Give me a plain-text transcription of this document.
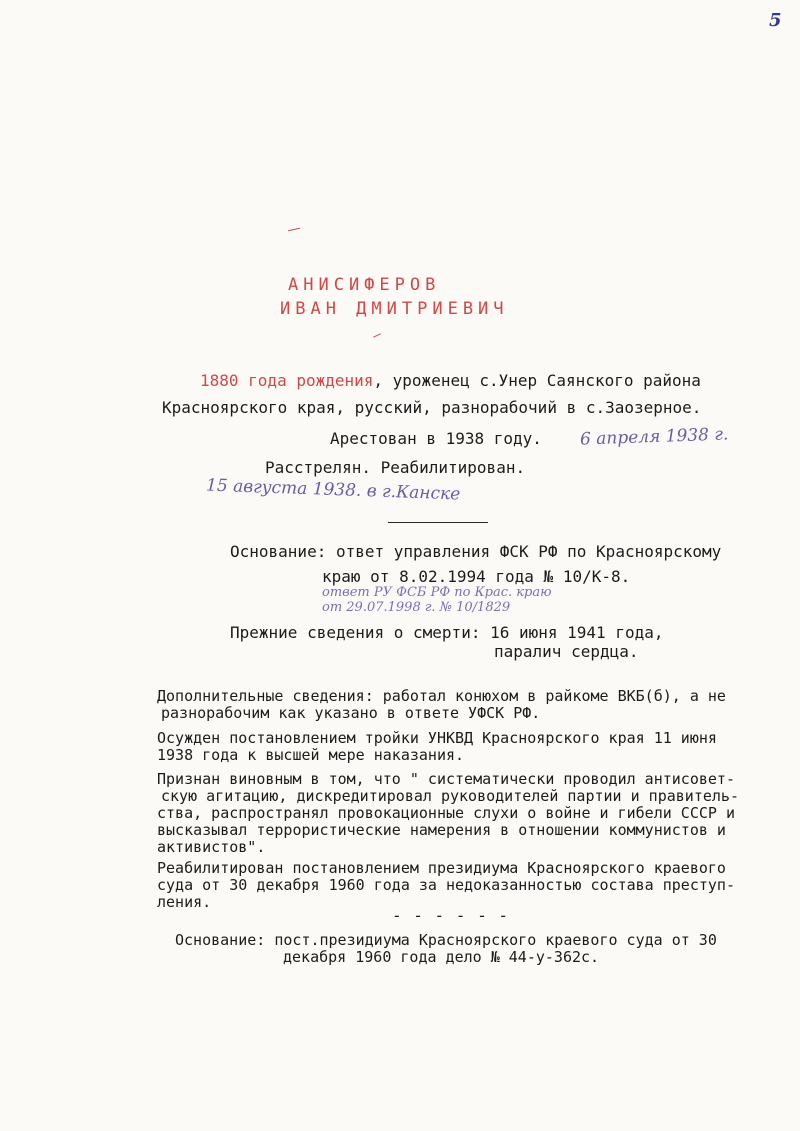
5
АНИСИФЕРОВ
ИВАН ДМИТРИЕВИЧ
1880 года рождения, уроженец с.Унер Саянского района
Красноярского края, русский, разнорабочий в с.Заозерное.
Арестован в 1938 году. 6 апреля 1938 г.
Расстрелян. Реабилитирован.
15 августа 1938. в г.Канске
Основание: ответ управления ФСК РФ по Красноярскому
краю от 8.02.1994 года № 10/К-8.
ответ РУ ФСБ РФ по Крас. краю
от 29.07.1998 г. № 10/1829
Прежние сведения о смерти: 16 июня 1941 года,
паралич сердца.
Дополнительные сведения: работал конюхом в райкоме ВКБ(б), а не
разнорабочим как указано в ответе УФСК РФ.
Осужден постановлением тройки УНКВД Красноярского края 11 июня
1938 года к высшей мере наказания.
Признан виновным в том, что " систематически проводил антисовет-
скую агитацию, дискредитировал руководителей партии и правитель-
ства, распространял провокационные слухи о войне и гибели СССР и
высказывал террористические намерения в отношении коммунистов и
активистов".
Реабилитирован постановлением президиума Красноярского краевого
суда от 30 декабря 1960 года за недоказанностью состава преступ-
ления.
- - - - - -
Основание: пост.президиума Красноярского краевого суда от 30
декабря 1960 года дело № 44-у-362с.
